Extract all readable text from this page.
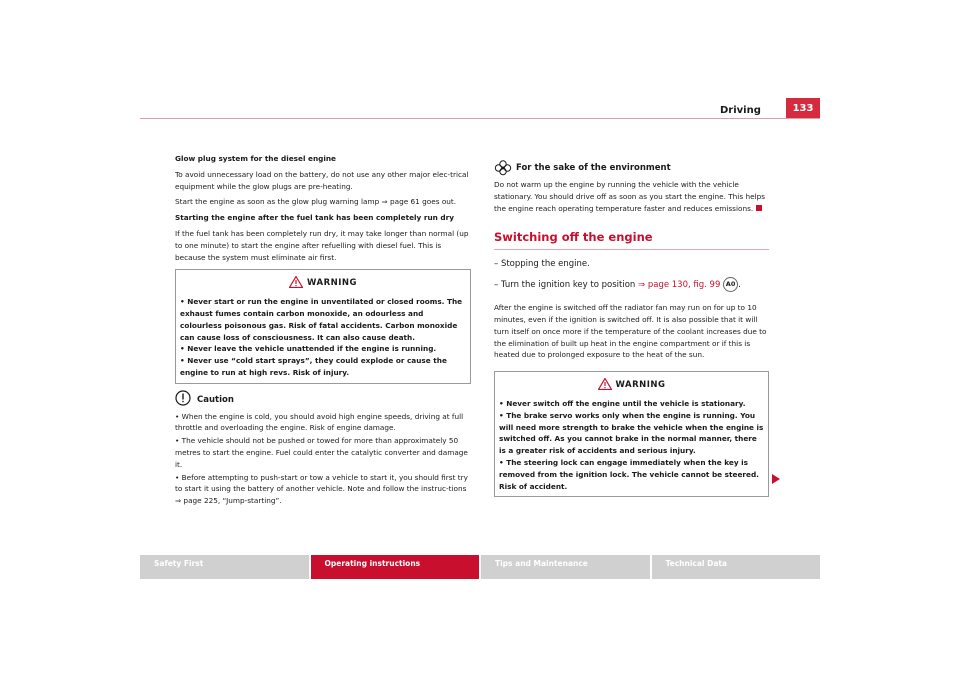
Driving	133

Glow plug system for the diesel engine

To avoid unnecessary load on the battery, do not use any other major elec-trical equipment while the glow plugs are pre-heating.

Start the engine as soon as the glow plug warning lamp ⇒ page 61 goes out.

Starting the engine after the fuel tank has been completely run dry

If the fuel tank has been completely run dry, it may take longer than normal (up to one minute) to start the engine after refuelling with diesel fuel. This is because the system must eliminate air first.

WARNING
• Never start or run the engine in unventilated or closed rooms. The exhaust fumes contain carbon monoxide, an odourless and colourless poisonous gas. Risk of fatal accidents. Carbon monoxide can cause loss of consciousness. It can also cause death.
• Never leave the vehicle unattended if the engine is running.
• Never use “cold start sprays”, they could explode or cause the engine to run at high revs. Risk of injury.
Caution
• When the engine is cold, you should avoid high engine speeds, driving at full throttle and overloading the engine. Risk of engine damage.
• The vehicle should not be pushed or towed for more than approximately 50 metres to start the engine. Fuel could enter the catalytic converter and damage it.
• Before attempting to push-start or tow a vehicle to start it, you should first try to start it using the battery of another vehicle. Note and follow the instruc-tions ⇒ page 225, “Jump-starting”.
For the sake of the environment

Do not warm up the engine by running the vehicle with the vehicle stationary. You should drive off as soon as you start the engine. This helps the engine reach operating temperature faster and reduces emissions.

Switching off the engine
– Stopping the engine.
– Turn the ignition key to position ⇒ page 130, fig. 99 A0 .

After the engine is switched off the radiator fan may run on for up to 10 minutes, even if the ignition is switched off. It is also possible that it will turn itself on once more if the temperature of the coolant increases due to the elimination of built up heat in the engine compartment or if this is heated due to prolonged exposure to the heat of the sun.

WARNING
• Never switch off the engine until the vehicle is stationary.
• The brake servo works only when the engine is running. You will need more strength to brake the vehicle when the engine is switched off. As you cannot brake in the normal manner, there is a greater risk of accidents and serious injury.
• The steering lock can engage immediately when the key is removed from the ignition lock. The vehicle cannot be steered. Risk of accident.
Safety First	Operating instructions	Tips and Maintenance	Technical Data
